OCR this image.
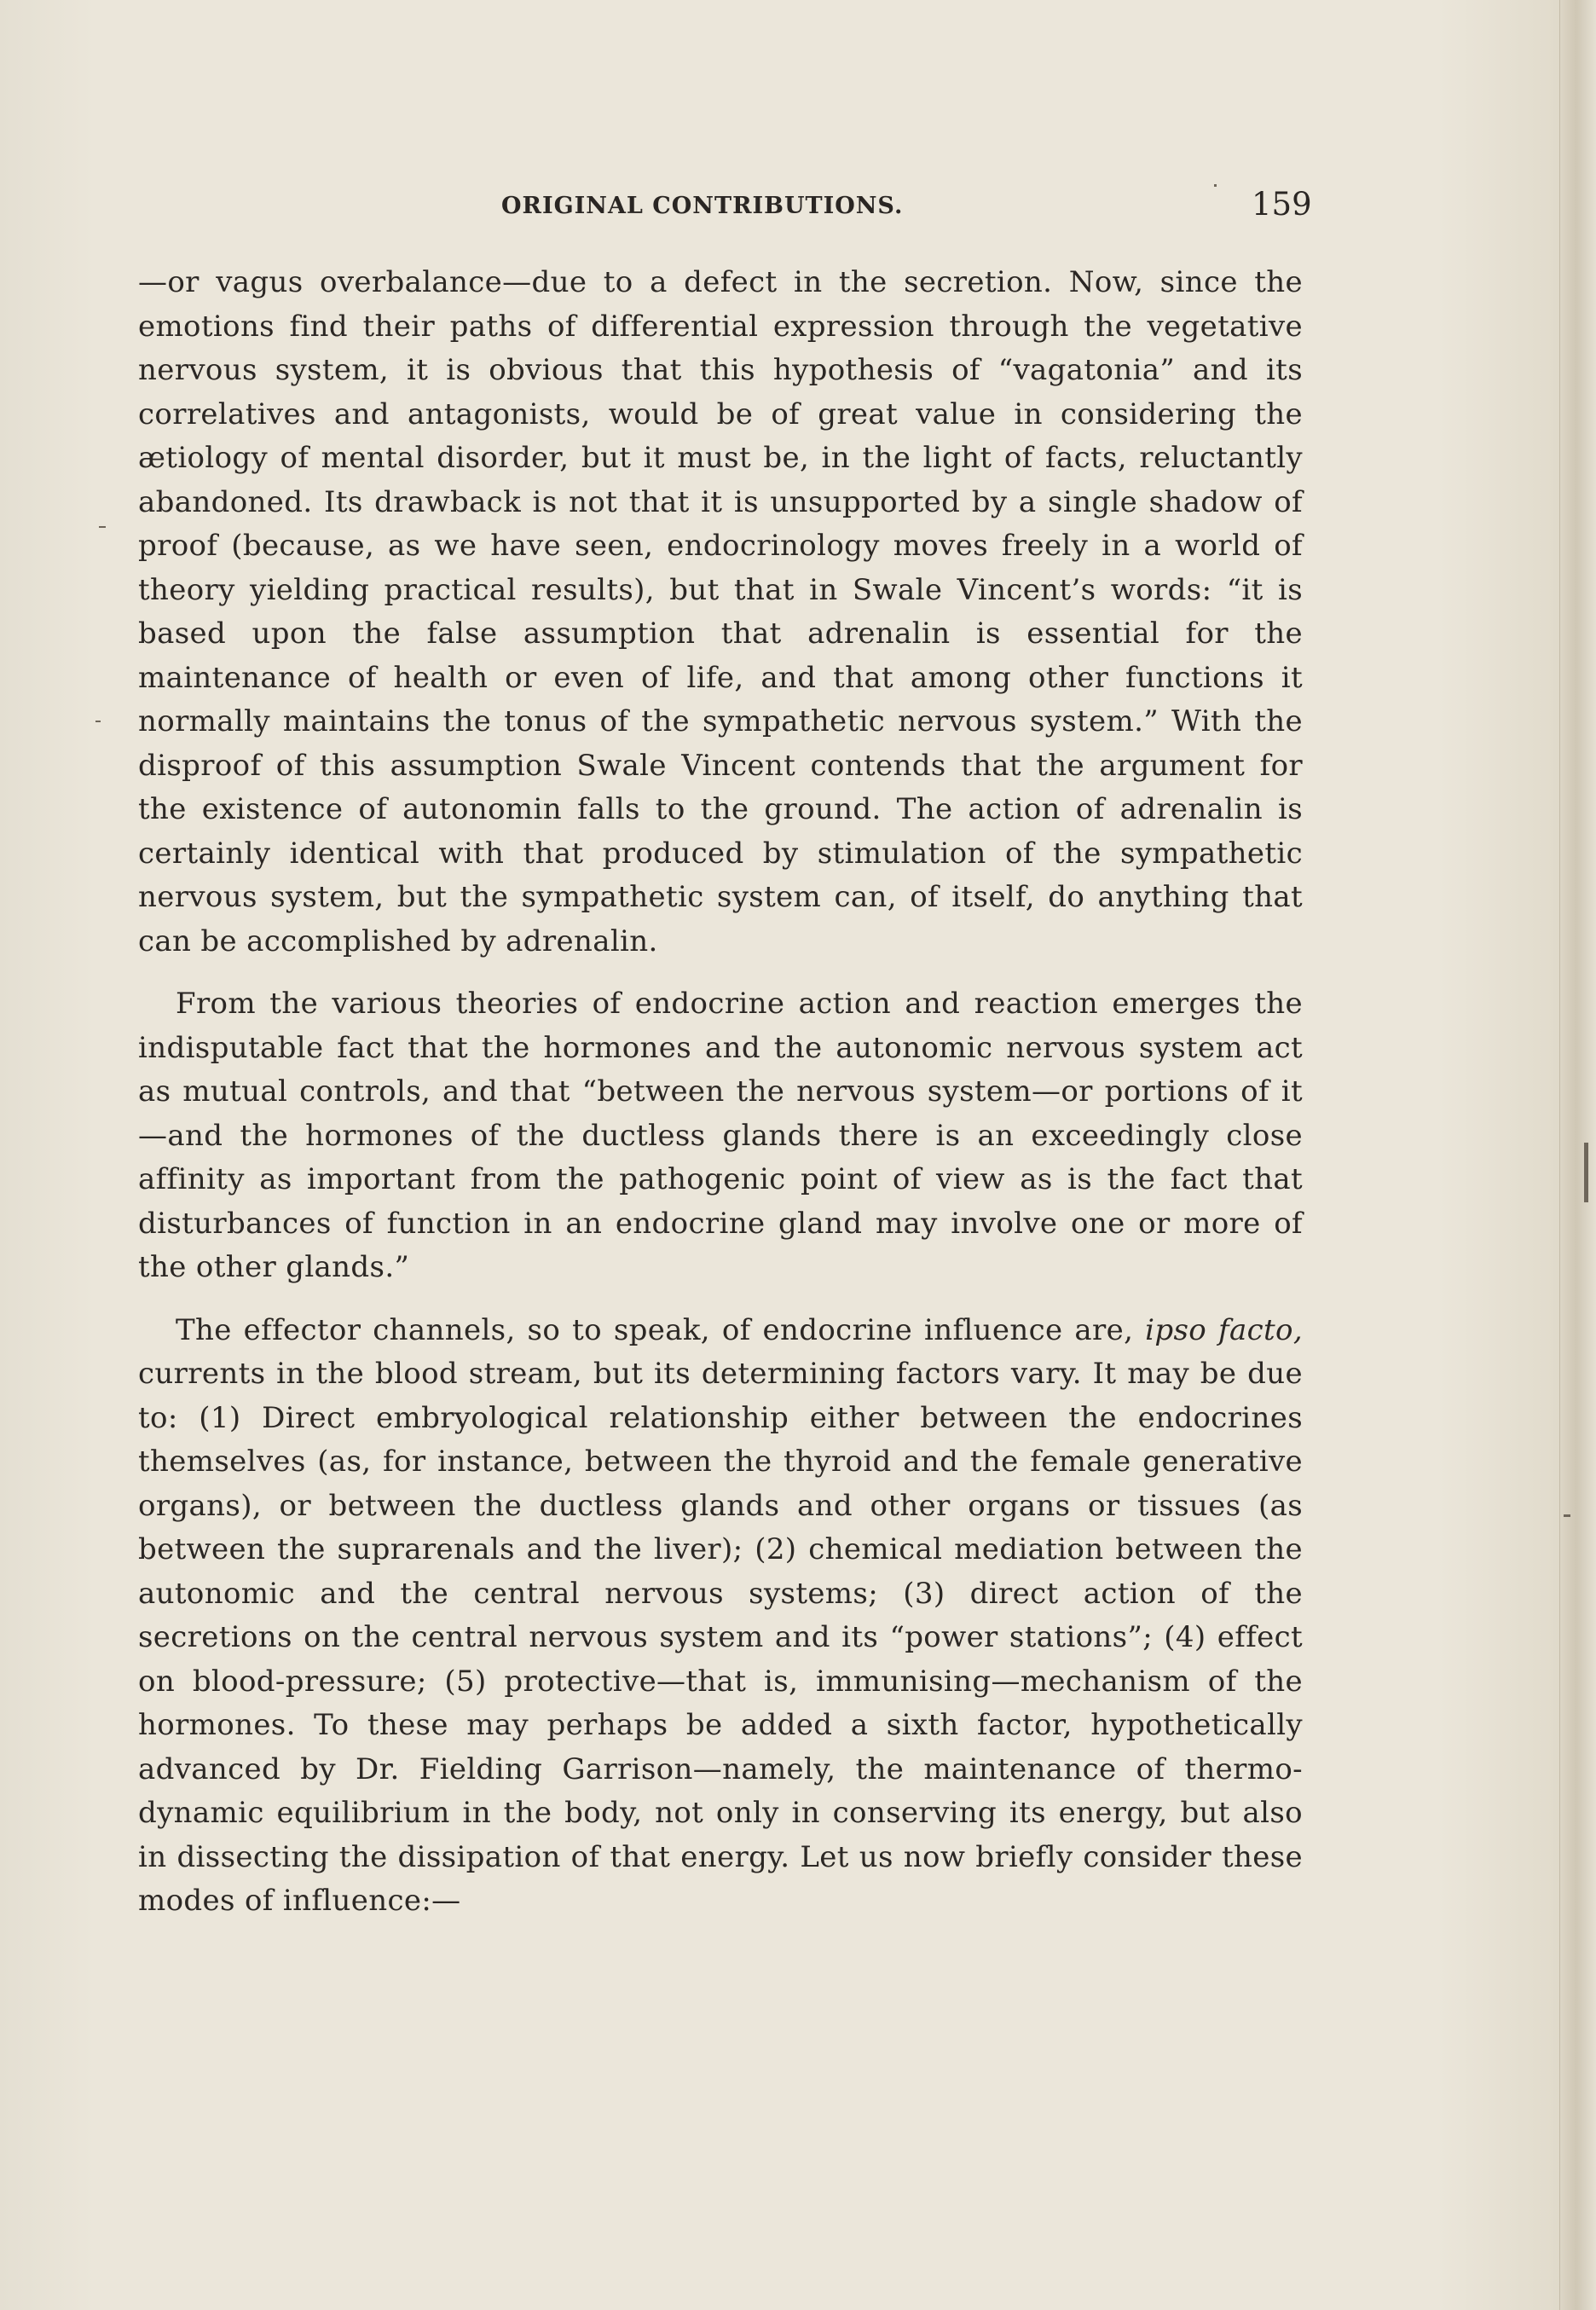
ORIGINAL CONTRIBUTIONS.	159

—or vagus overbalance—due to a defect in the secretion. Now, since the emotions find their paths of differential expression through the vegetative nervous system, it is obvious that this hypothesis of “vagatonia” and its correlatives and antagonists, would be of great value in considering the ætiology of mental disorder, but it must be, in the light of facts, reluctantly abandoned. Its drawback is not that it is unsupported by a single shadow of proof (because, as we have seen, endocrinology moves freely in a world of theory yielding practical results), but that in Swale Vincent’s words: “it is based upon the false assumption that adrenalin is essential for the maintenance of health or even of life, and that among other functions it normally maintains the tonus of the sympathetic nervous system.” With the disproof of this assumption Swale Vincent contends that the argument for the existence of autonomin falls to the ground. The action of adrenalin is certainly identical with that produced by stimulation of the sympathetic nervous system, but the sympathetic system can, of itself, do anything that can be accomplished by adrenalin.

From the various theories of endocrine action and reaction emerges the indisputable fact that the hormones and the autonomic nervous system act as mutual controls, and that “between the nervous system—or portions of it—and the hormones of the ductless glands there is an exceedingly close affinity as important from the pathogenic point of view as is the fact that disturbances of function in an endocrine gland may involve one or more of the other glands.”

The effector channels, so to speak, of endocrine influence are, ipso facto, currents in the blood stream, but its determining factors vary. It may be due to: (1) Direct embryological relationship either between the endocrines themselves (as, for instance, between the thyroid and the female generative organs), or between the ductless glands and other organs or tissues (as between the suprarenals and the liver); (2) chemical mediation between the autonomic and the central nervous systems; (3) direct action of the secretions on the central nervous system and its “power stations”; (4) effect on blood-pressure; (5) protective—that is, immunising—mechanism of the hormones. To these may perhaps be added a sixth factor, hypothetically advanced by Dr. Fielding Garrison—namely, the maintenance of thermo-dynamic equilibrium in the body, not only in conserving its energy, but also in dissecting the dissipation of that energy. Let us now briefly consider these modes of influence:—
